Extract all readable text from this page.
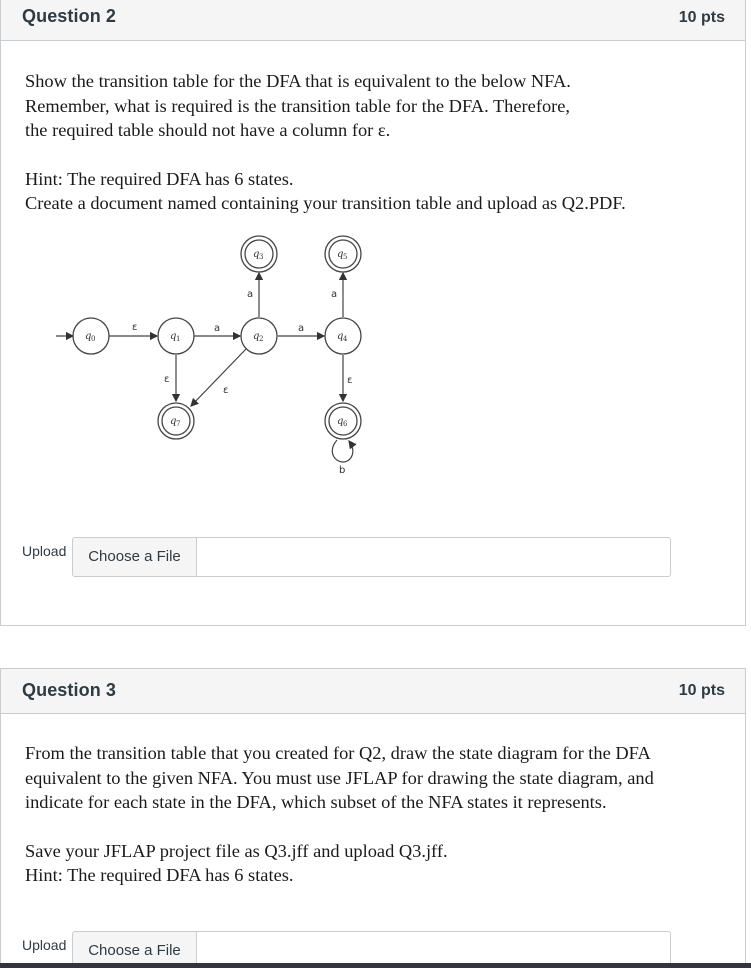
Question 2	10 pts

Show the transition table for the DFA that is equivalent to the below NFA.

Remember, what is required is the transition table for the DFA. Therefore,

the required table should not have a column for ε.

Hint: The required DFA has 6 states.

Create a document named containing your transition table and upload as Q2.PDF.

ε	a	a
a	a
ε
ε
ε
b
q 0	q 1	q 2
q 3
q 4
q 5
q 6
q 7
Upload	Choose a File
Question 3	10 pts

From the transition table that you created for Q2, draw the state diagram for the DFA

equivalent to the given NFA. You must use JFLAP for drawing the state diagram, and

indicate for each state in the DFA, which subset of the NFA states it represents.

Save your JFLAP project file as Q3.jff and upload Q3.jff.

Hint: The required DFA has 6 states.

Upload	Choose a File
